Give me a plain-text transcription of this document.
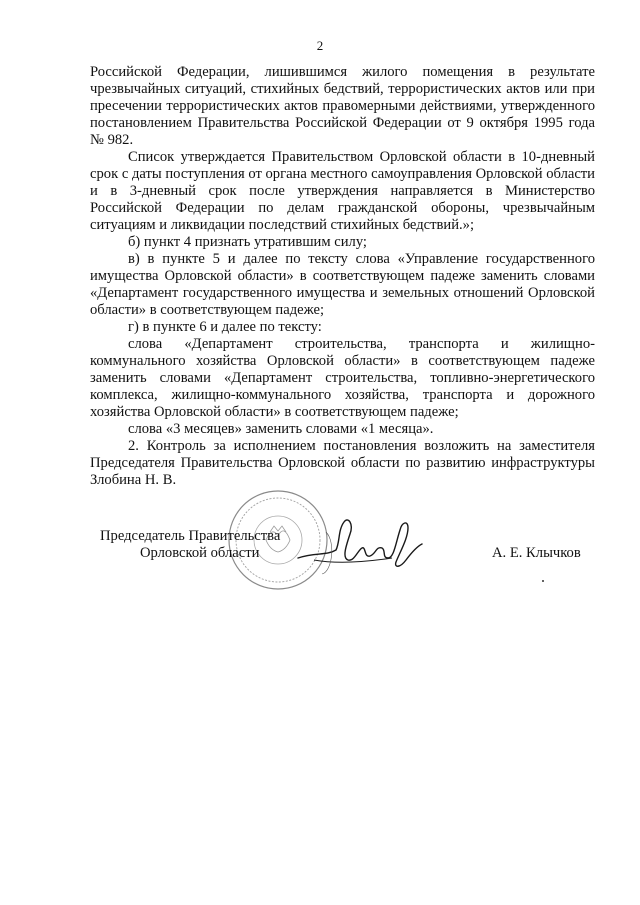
2

Российской Федерации, лишившимся жилого помещения в результате чрезвычайных ситуаций, стихийных бедствий, террористических актов или при пресечении террористических актов правомерными действиями, утвержденного постановлением Правительства Российской Федерации от 9 октября 1995 года № 982.

Список утверждается Правительством Орловской области в 10-дневный срок с даты поступления от органа местного самоуправления Орловской области и в 3-дневный срок после утверждения направляется в Министерство Российской Федерации по делам гражданской обороны, чрезвычайным ситуациям и ликвидации последствий стихийных бедствий.»;

б) пункт 4 признать утратившим силу;

в) в пункте 5 и далее по тексту слова «Управление государственного имущества Орловской области» в соответствующем падеже заменить словами «Департамент государственного имущества и земельных отношений Орловской области» в соответствующем падеже;

г) в пункте 6 и далее по тексту:

слова «Департамент строительства, транспорта и жилищно-коммунального хозяйства Орловской области» в соответствующем падеже заменить словами «Департамент строительства, топливно-энергетического комплекса, жилищно-коммунального хозяйства, транспорта и дорожного хозяйства Орловской области» в соответствующем падеже;

слова «3 месяцев» заменить словами «1 месяца».

2. Контроль за исполнением постановления возложить на заместителя Председателя Правительства Орловской области по развитию инфраструктуры Злобина Н. В.

Председатель Правительства
Орловской области	А. Е. Клычков
